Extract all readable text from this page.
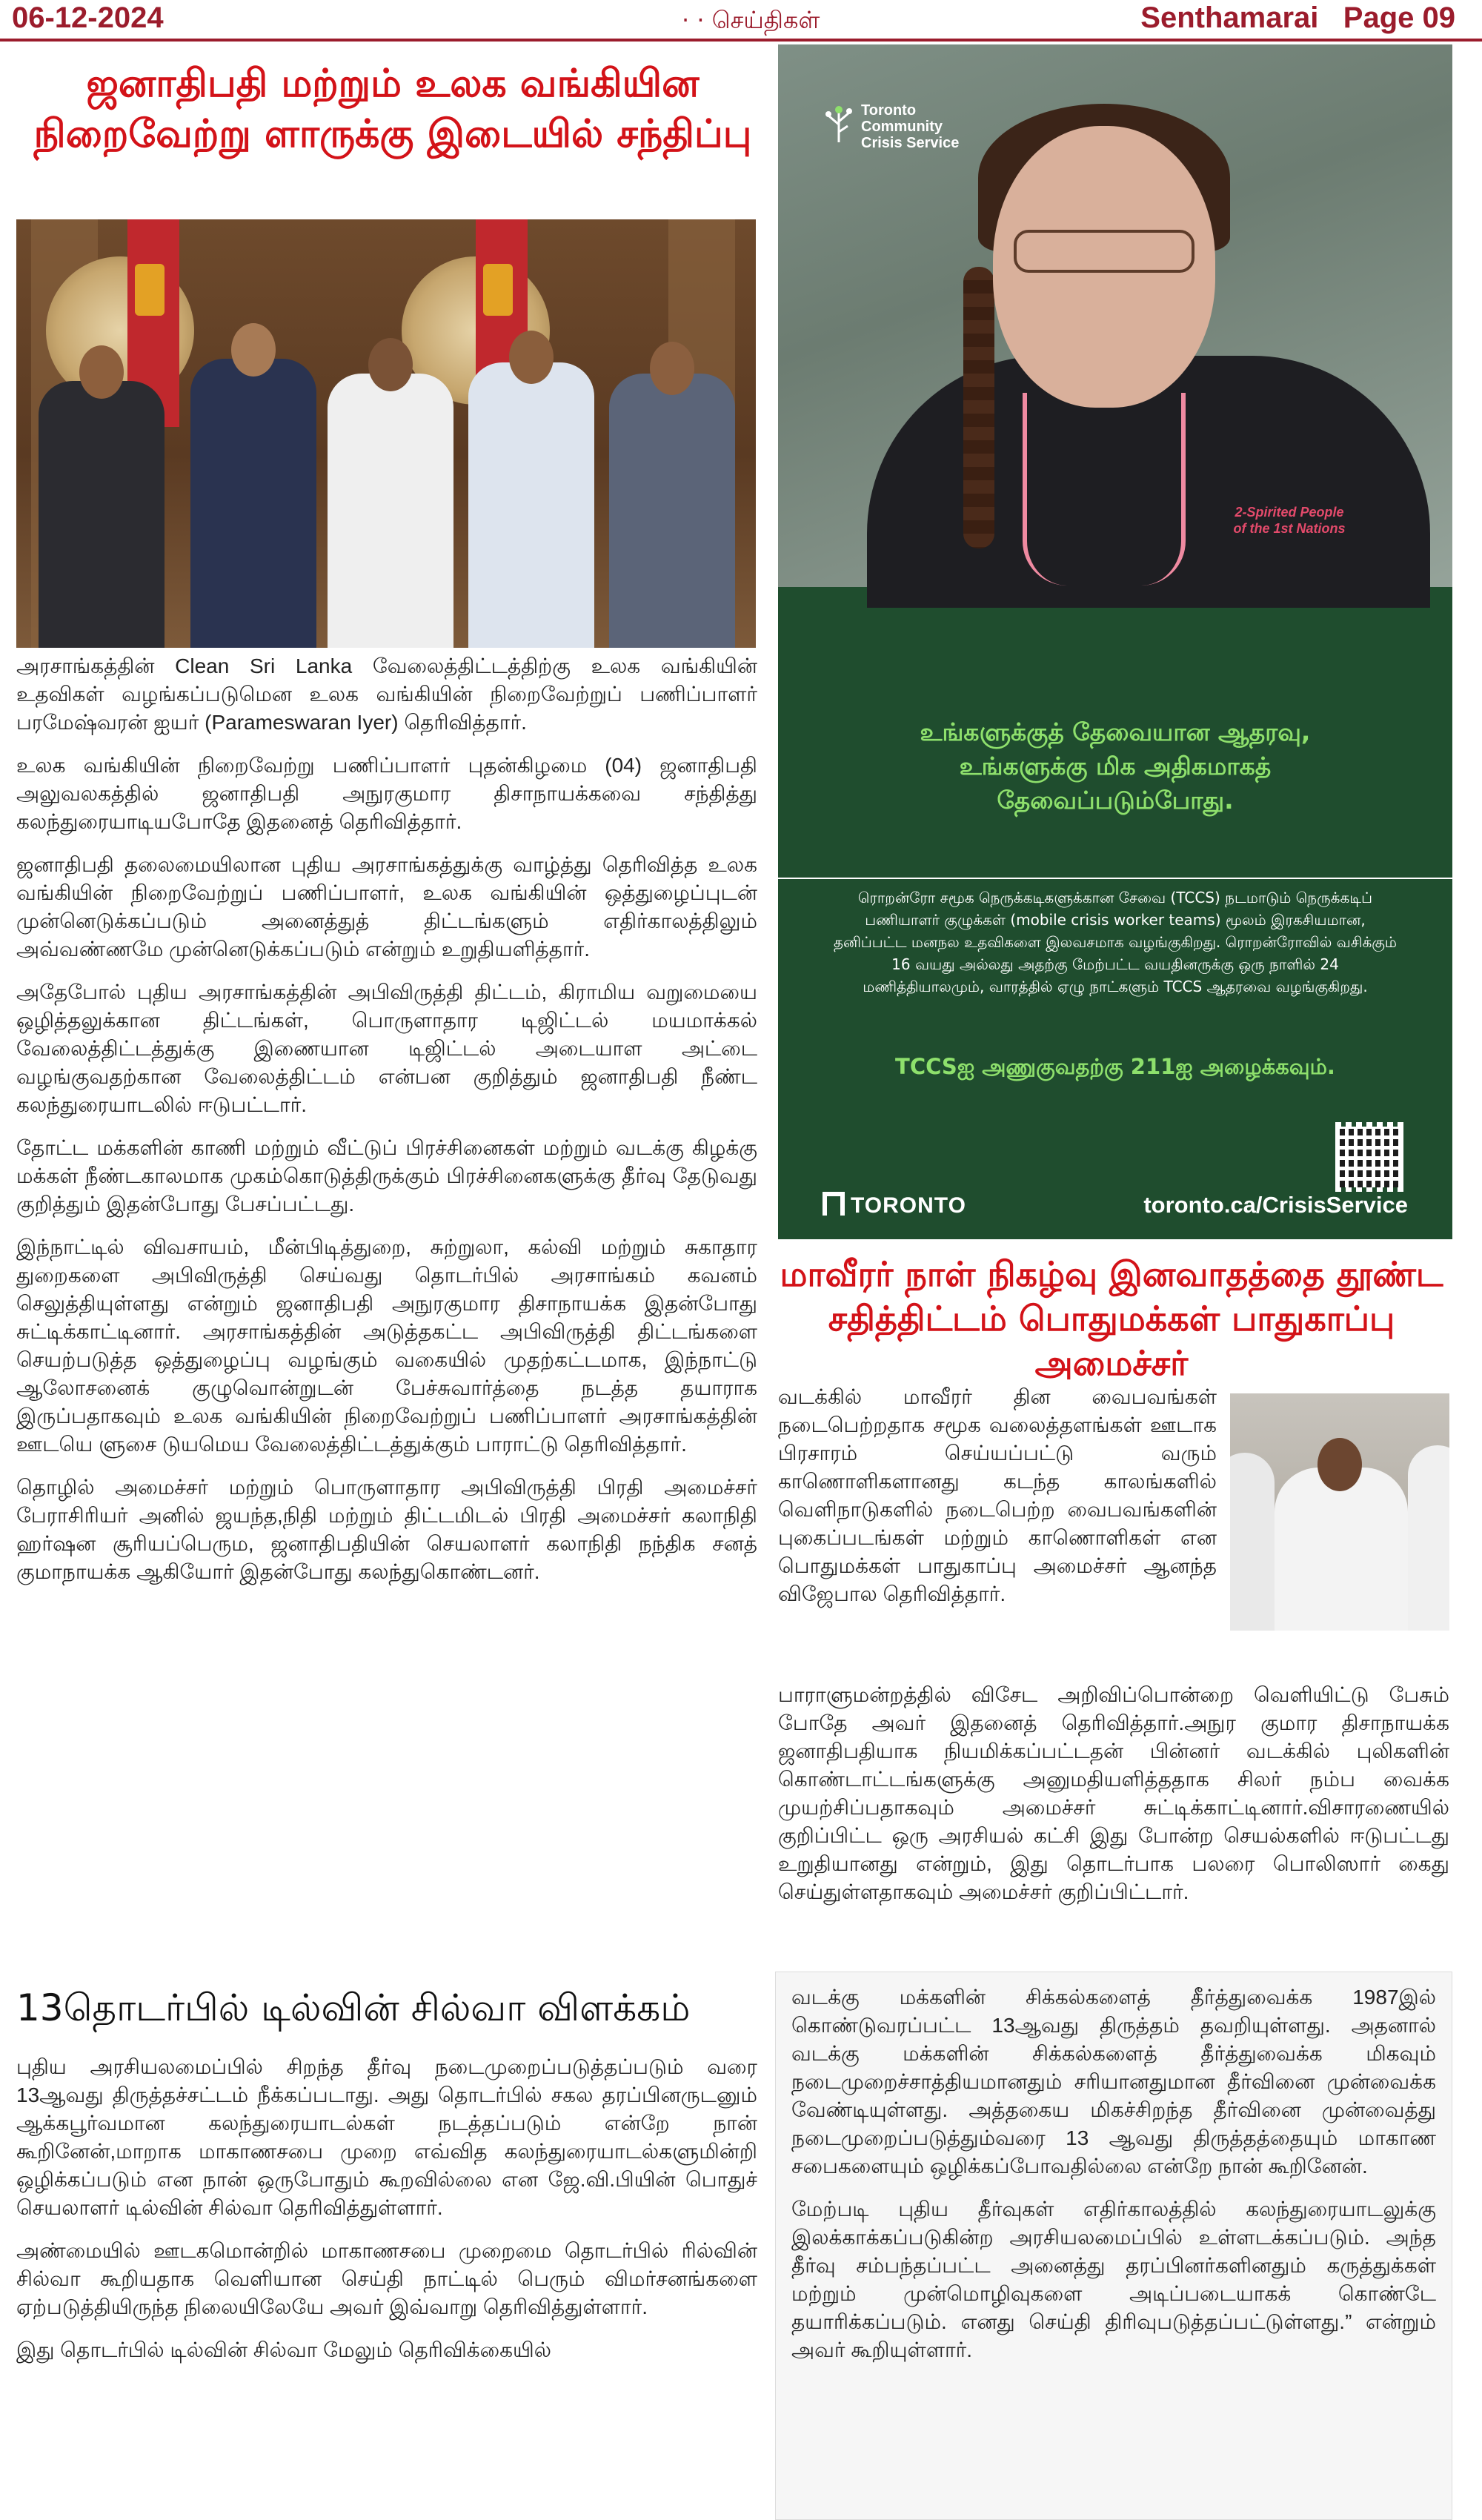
06-12-2024	· · செய்திகள்	Senthamarai Page 09
ஜனாதிபதி மற்றும் உலக வங்கியின
நிறைவேற்று ளாருக்கு இடையில் சந்திப்பு

அரசாங்கத்தின் Clean Sri Lanka வேலைத்திட்டத்திற்கு உலக வங்கியின் உதவிகள் வழங்கப்படுமென உலக வங்கியின் நிறைவேற்றுப் பணிப்பாளர் பரமேஷ்வரன் ஐயர் (Parameswaran Iyer) தெரிவித்தார்.

உலக வங்கியின் நிறைவேற்று பணிப்பாளர் புதன்கிழமை (04) ஜனாதிபதி அலுவலகத்தில் ஜனாதிபதி அநுரகுமார திசாநாயக்கவை சந்தித்து கலந்துரையாடியபோதே இதனைத் தெரிவித்தார்.

ஜனாதிபதி தலைமையிலான புதிய அரசாங்கத்துக்கு வாழ்த்து தெரிவித்த உலக வங்கியின் நிறைவேற்றுப் பணிப்பாளர், உலக வங்கியின் ஒத்துழைப்புடன் முன்னெடுக்கப்படும் அனைத்துத் திட்டங்களும் எதிர்காலத்திலும் அவ்வண்ணமே முன்னெடுக்கப்படும் என்றும் உறுதியளித்தார்.

அதேபோல் புதிய அரசாங்கத்தின் அபிவிருத்தி திட்டம், கிராமிய வறுமையை ஒழித்தலுக்கான திட்டங்கள், பொருளாதார டிஜிட்டல் மயமாக்கல் வேலைத்திட்டத்துக்கு இணையான டிஜிட்டல் அடையாள அட்டை வழங்குவதற்கான வேலைத்திட்டம் என்பன குறித்தும் ஜனாதிபதி நீண்ட கலந்துரையாடலில் ஈடுபட்டார்.

தோட்ட மக்களின் காணி மற்றும் வீட்டுப் பிரச்சினைகள் மற்றும் வடக்கு கிழக்கு மக்கள் நீண்டகாலமாக முகம்கொடுத்திருக்கும் பிரச்சினைகளுக்கு தீர்வு தேடுவது குறித்தும் இதன்போது பேசப்பட்டது.

இந்நாட்டில் விவசாயம், மீன்பிடித்துறை, சுற்றுலா, கல்வி மற்றும் சுகாதார துறைகளை அபிவிருத்தி செய்வது தொடர்பில் அரசாங்கம் கவனம் செலுத்தியுள்ளது என்றும் ஜனாதிபதி அநுரகுமார திசாநாயக்க இதன்போது சுட்டிக்காட்டினார். அரசாங்கத்தின் அடுத்தகட்ட அபிவிருத்தி திட்டங்களை செயற்படுத்த ஒத்துழைப்பு வழங்கும் வகையில் முதற்கட்டமாக, இந்நாட்டு ஆலோசனைக் குழுவொன்றுடன் பேச்சுவார்த்தை நடத்த தயாராக இருப்பதாகவும் உலக வங்கியின் நிறைவேற்றுப் பணிப்பாளர் அரசாங்கத்தின் ஊடயெ ளுசை டுயமெய வேலைத்திட்டத்துக்கும் பாராட்டு தெரிவித்தார்.

தொழில் அமைச்சர் மற்றும் பொருளாதார அபிவிருத்தி பிரதி அமைச்சர் பேராசிரியர் அனில் ஜயந்த,நிதி மற்றும் திட்டமிடல் பிரதி அமைச்சர் கலாநிதி ஹர்ஷன சூரியப்பெரும, ஜனாதிபதியின் செயலாளர் கலாநிதி நந்திக சனத் குமாநாயக்க ஆகியோர் இதன்போது கலந்துகொண்டனர்.

13தொடர்பில் டில்வின் சில்வா விளக்கம்

புதிய அரசியலமைப்பில் சிறந்த தீர்வு நடைமுறைப்படுத்தப்படும் வரை 13ஆவது திருத்தச்சட்டம் நீக்கப்படாது. அது தொடர்பில் சகல தரப்பினருடனும் ஆக்கபூர்வமான கலந்துரையாடல்கள் நடத்தப்படும் என்றே நான் கூறினேன்,மாறாக மாகாணசபை முறை எவ்வித கலந்துரையாடல்களுமின்றி ஒழிக்கப்படும் என நான் ஒருபோதும் கூறவில்லை என ஜே.வி.பியின் பொதுச் செயலாளர் டில்வின் சில்வா தெரிவித்துள்ளார்.

அண்மையில் ஊடகமொன்றில் மாகாணசபை முறைமை தொடர்பில் ரில்வின் சில்வா கூறியதாக வெளியான செய்தி நாட்டில் பெரும் விமர்சனங்களை ஏற்படுத்தியிருந்த நிலையிலேயே அவர் இவ்வாறு தெரிவித்துள்ளார்.

இது தொடர்பில் டில்வின் சில்வா மேலும் தெரிவிக்கையில்

2-Spirited People
of the 1st Nations
Toronto
Community
Crisis Service
உங்களுக்குத் தேவையான ஆதரவு,
உங்களுக்கு மிக அதிகமாகத்
தேவைப்படும்போது.
ரொறன்ரோ சமூக நெருக்கடிகளுக்கான சேவை (TCCS) நடமாடும் நெருக்கடிப் பணியாளர் குழுக்கள் (mobile crisis worker teams) மூலம் இரகசியமான, தனிப்பட்ட மனநல உதவிகளை இலவசமாக வழங்குகிறது. ரொறன்ரோவில் வசிக்கும் 16 வயது அல்லது அதற்கு மேற்பட்ட வயதினருக்கு ஒரு நாளில் 24 மணித்தியாலமும், வாரத்தில் ஏழு நாட்களும் TCCS ஆதரவை வழங்குகிறது.
TCCSஐ அணுகுவதற்கு 211ஐ அழைக்கவும்.
TORONTO	toronto.ca/CrisisService
மாவீரர் நாள் நிகழ்வு இனவாதத்தை தூண்ட
சதித்திட்டம் பொதுமக்கள் பாதுகாப்பு அமைச்சர்

வடக்கில் மாவீரர் தின வைபவங்கள் நடைபெற்றதாக சமூக வலைத்தளங்கள் ஊடாக பிரசாரம் செய்யப்பட்டு வரும் காணொளிகளானது கடந்த காலங்களில் வெளிநாடுகளில் நடைபெற்ற வைபவங்களின் புகைப்படங்கள் மற்றும் காணொளிகள் என பொதுமக்கள் பாதுகாப்பு அமைச்சர் ஆனந்த விஜேபால தெரிவித்தார்.

பாராளுமன்றத்தில் விசேட அறிவிப்பொன்றை வெளியிட்டு பேசும் போதே அவர் இதனைத் தெரிவித்தார்.அநுர குமார திசாநாயக்க ஜனாதிபதியாக நியமிக்கப்பட்டதன் பின்னர் வடக்கில் புலிகளின் கொண்டாட்டங்களுக்கு அனுமதியளித்ததாக சிலர் நம்ப வைக்க முயற்சிப்பதாகவும் அமைச்சர் சுட்டிக்காட்டினார்.விசாரணையில் குறிப்பிட்ட ஒரு அரசியல் கட்சி இது போன்ற செயல்களில் ஈடுபட்டது உறுதியானது என்றும், இது தொடர்பாக பலரை பொலிஸார் கைது செய்துள்ளதாகவும் அமைச்சர் குறிப்பிட்டார்.

வடக்கு மக்களின் சிக்கல்களைத் தீர்த்துவைக்க 1987இல் கொண்டுவரப்பட்ட 13ஆவது திருத்தம் தவறியுள்ளது. அதனால் வடக்கு மக்களின் சிக்கல்களைத் தீர்த்துவைக்க மிகவும் நடைமுறைச்சாத்தியமானதும் சரியானதுமான தீர்வினை முன்வைக்க வேண்டியுள்ளது. அத்தகைய மிகச்சிறந்த தீர்வினை முன்வைத்து நடைமுறைப்படுத்தும்வரை 13 ஆவது திருத்தத்தையும் மாகாண சபைகளையும் ஒழிக்கப்போவதில்லை என்றே நான் கூறினேன்.

மேற்படி புதிய தீர்வுகள் எதிர்காலத்தில் கலந்துரையாடலுக்கு இலக்காக்கப்படுகின்ற அரசியலமைப்பில் உள்ளடக்கப்படும். அந்த தீர்வு சம்பந்தப்பட்ட அனைத்து தரப்பினர்களினதும் கருத்துக்கள் மற்றும் முன்மொழிவுகளை அடிப்படையாகக் கொண்டே தயாரிக்கப்படும். எனது செய்தி திரிவுபடுத்தப்பட்டுள்ளது.” என்றும் அவர் கூறியுள்ளார்.
